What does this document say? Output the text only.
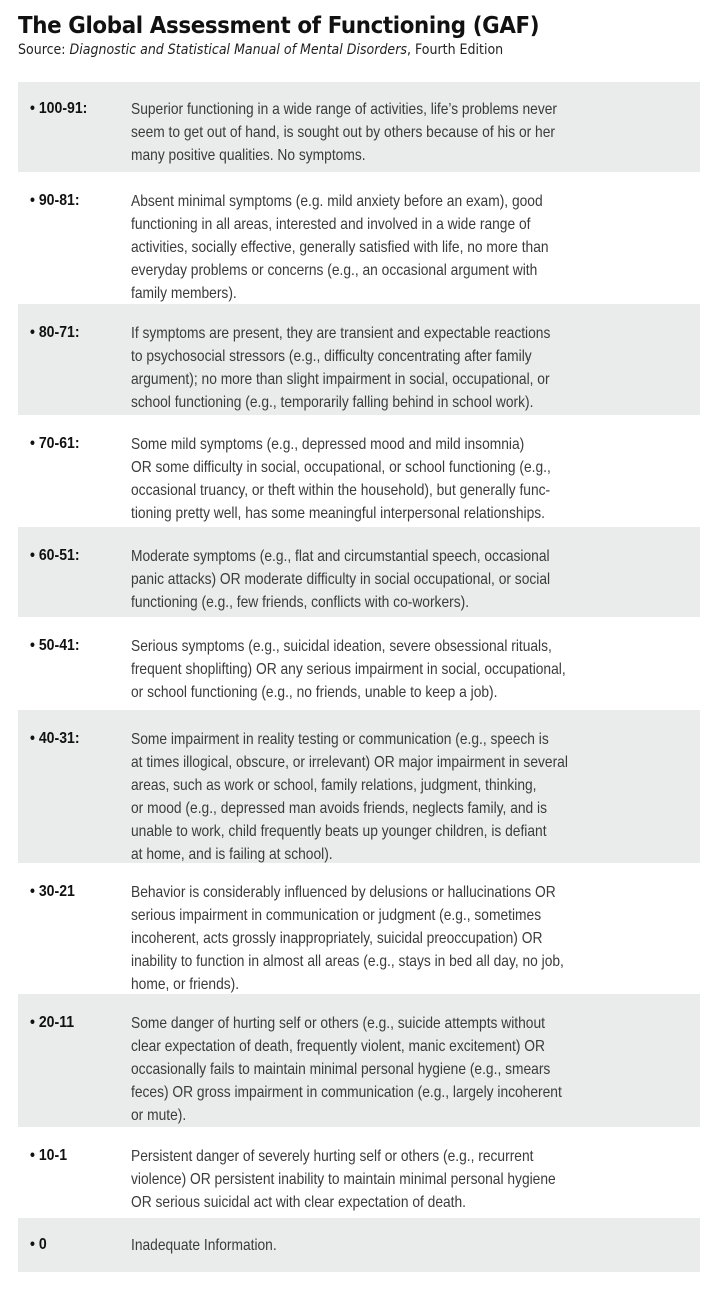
The Global Assessment of Functioning (GAF)
Source: Diagnostic and Statistical Manual of Mental Disorders, Fourth Edition
• 100-91:	Superior functioning in a wide range of activities, life’s problems never
seem to get out of hand, is sought out by others because of his or her
many positive qualities. No symptoms.
• 90-81:	Absent minimal symptoms (e.g. mild anxiety before an exam), good
functioning in all areas, interested and involved in a wide range of
activities, socially effective, generally satisfied with life, no more than
everyday problems or concerns (e.g., an occasional argument with
family members).
• 80-71:	If symptoms are present, they are transient and expectable reactions
to psychosocial stressors (e.g., difficulty concentrating after family
argument); no more than slight impairment in social, occupational, or
school functioning (e.g., temporarily falling behind in school work).
• 70-61:	Some mild symptoms (e.g., depressed mood and mild insomnia)
OR some difficulty in social, occupational, or school functioning (e.g.,
occasional truancy, or theft within the household), but generally func-
tioning pretty well, has some meaningful interpersonal relationships.
• 60-51:	Moderate symptoms (e.g., flat and circumstantial speech, occasional
panic attacks) OR moderate difficulty in social occupational, or social
functioning (e.g., few friends, conflicts with co-workers).
• 50-41:	Serious symptoms (e.g., suicidal ideation, severe obsessional rituals,
frequent shoplifting) OR any serious impairment in social, occupational,
or school functioning (e.g., no friends, unable to keep a job).
• 40-31:	Some impairment in reality testing or communication (e.g., speech is
at times illogical, obscure, or irrelevant) OR major impairment in several
areas, such as work or school, family relations, judgment, thinking,
or mood (e.g., depressed man avoids friends, neglects family, and is
unable to work, child frequently beats up younger children, is defiant
at home, and is failing at school).
• 30-21	Behavior is considerably influenced by delusions or hallucinations OR
serious impairment in communication or judgment (e.g., sometimes
incoherent, acts grossly inappropriately, suicidal preoccupation) OR
inability to function in almost all areas (e.g., stays in bed all day, no job,
home, or friends).
• 20-11	Some danger of hurting self or others (e.g., suicide attempts without
clear expectation of death, frequently violent, manic excitement) OR
occasionally fails to maintain minimal personal hygiene (e.g., smears
feces) OR gross impairment in communication (e.g., largely incoherent
or mute).
• 10-1	Persistent danger of severely hurting self or others (e.g., recurrent
violence) OR persistent inability to maintain minimal personal hygiene
OR serious suicidal act with clear expectation of death.
• 0	Inadequate Information.
